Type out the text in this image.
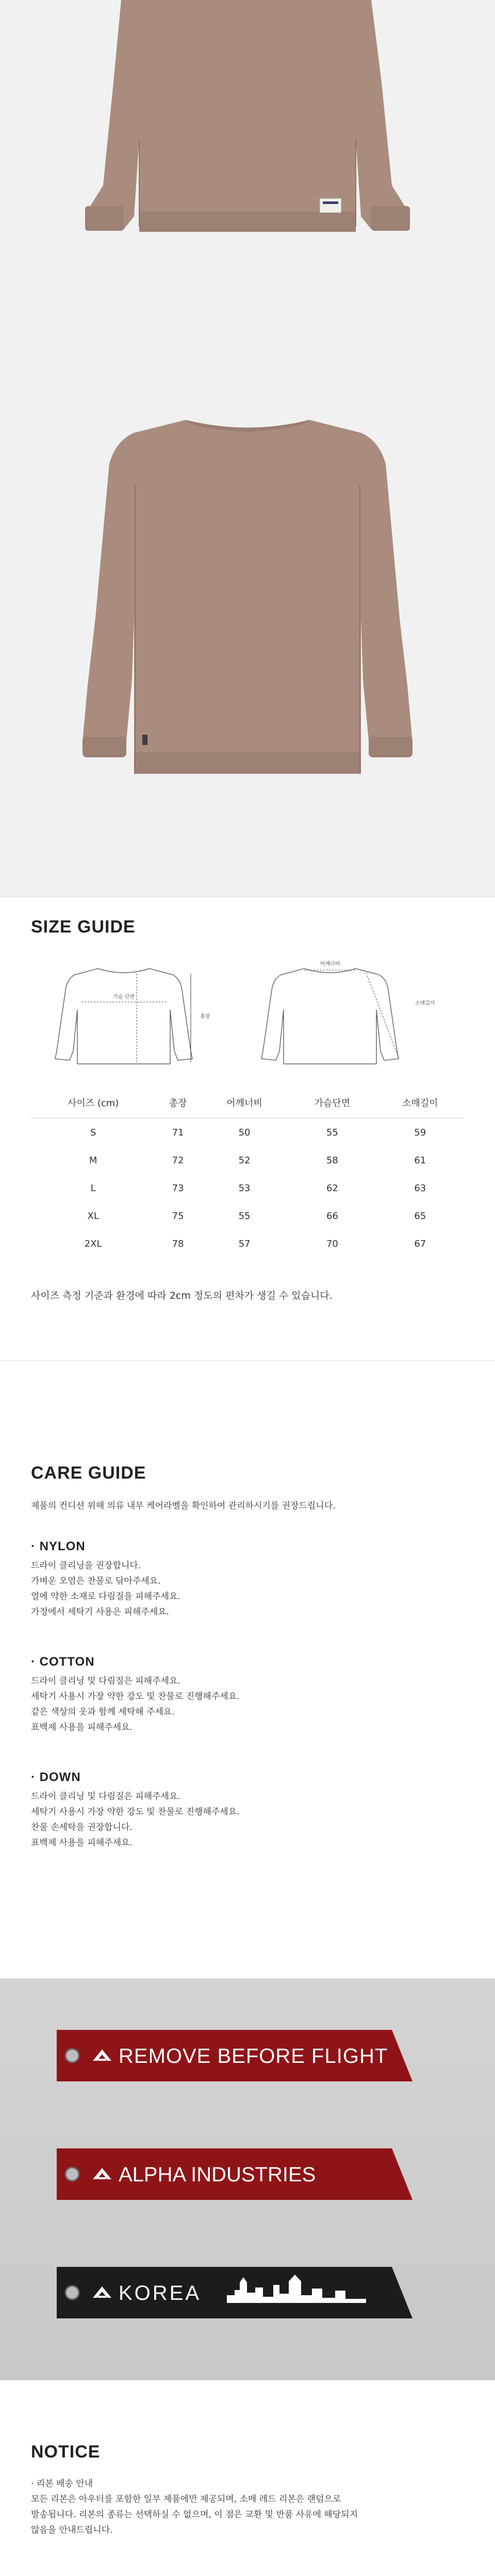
SIZE GUIDE
가슴 단면
총장
어깨너비
소매길이
사이즈 (cm)	총장	어깨너비	가슴단면	소매길이
S	71	50	55	59
M	72	52	58	61
L	73	53	62	63
XL	75	55	66	65
2XL	78	57	70	67
사이즈 측정 기준과 환경에 따라 2cm 정도의 편차가 생길 수 있습니다.
CARE GUIDE
제품의 컨디션 위해 의류 내부 케어라벨을 확인하여 관리하시기를 권장드립니다.
· NYLON
드라이 클리닝을 권장합니다.
가벼운 오염은 찬물로 닦아주세요.
열에 약한 소재로 다림질을 피해주세요.
가정에서 세탁기 사용은 피해주세요.
· COTTON
드라이 클리닝 및 다림질은 피해주세요.
세탁기 사용시 가장 약한 강도 및 찬물로 진행해주세요.
같은 색상의 옷과 함께 세탁해 주세요.
표백제 사용을 피해주세요.
· DOWN
드라이 클리닝 및 다림질은 피해주세요.
세탁기 사용시 가장 약한 강도 및 찬물로 진행해주세요.
찬물 손세탁을 권장합니다.
표백제 사용을 피해주세요.
REMOVE BEFORE FLIGHT
ALPHA INDUSTRIES
KOREA
NOTICE
· 리본 배송 안내
모든 리본은 아우터를 포함한 일부 제품에만 제공되며, 소매 레드 리본은 랜덤으로
발송됩니다. 리본의 종류는 선택하실 수 없으며, 이 점은 교환 및 반품 사유에 해당되지
않음을 안내드립니다.
